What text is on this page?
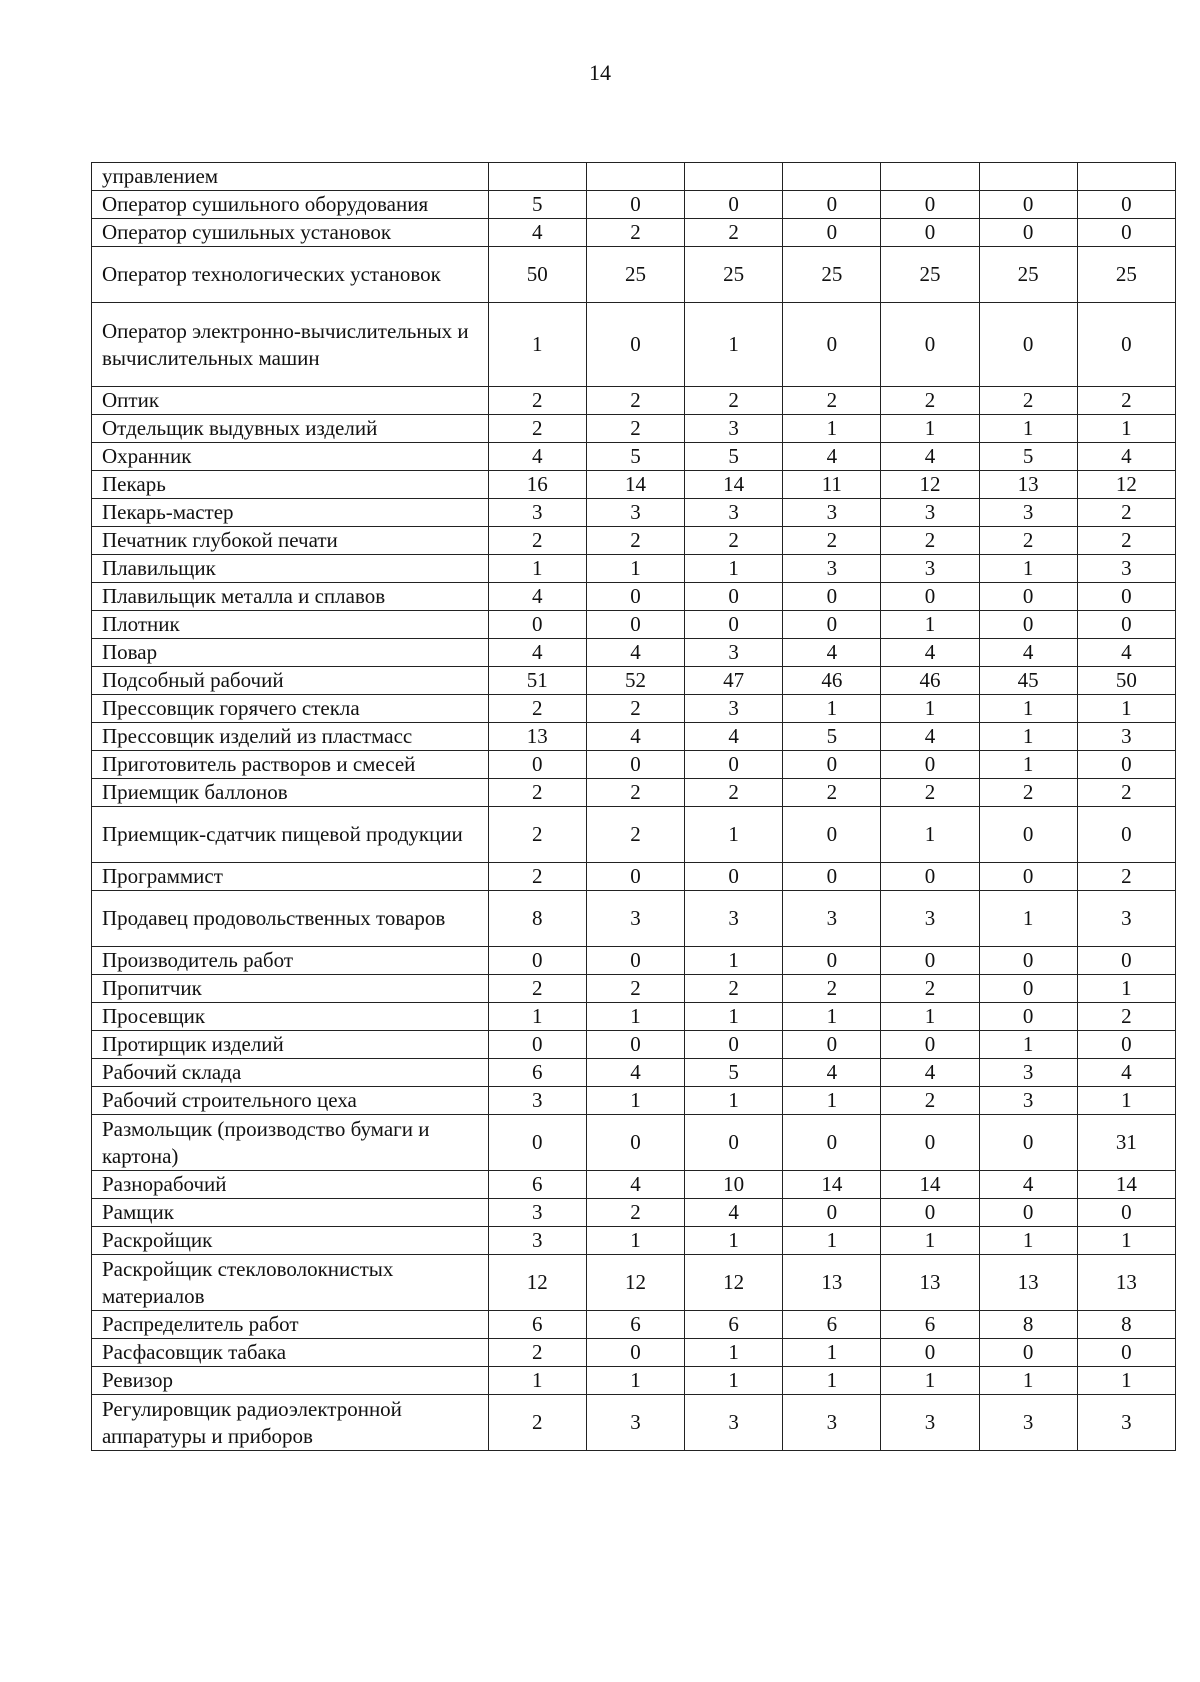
14
управлением							
Оператор сушильного оборудования	5	0	0	0	0	0	0
Оператор сушильных установок	4	2	2	0	0	0	0
Оператор технологических установок	50	25	25	25	25	25	25
Оператор электронно-вычислительных и вычислительных машин	1	0	1	0	0	0	0
Оптик	2	2	2	2	2	2	2
Отдельщик выдувных изделий	2	2	3	1	1	1	1
Охранник	4	5	5	4	4	5	4
Пекарь	16	14	14	11	12	13	12
Пекарь-мастер	3	3	3	3	3	3	2
Печатник глубокой печати	2	2	2	2	2	2	2
Плавильщик	1	1	1	3	3	1	3
Плавильщик металла и сплавов	4	0	0	0	0	0	0
Плотник	0	0	0	0	1	0	0
Повар	4	4	3	4	4	4	4
Подсобный рабочий	51	52	47	46	46	45	50
Прессовщик горячего стекла	2	2	3	1	1	1	1
Прессовщик изделий из пластмасс	13	4	4	5	4	1	3
Приготовитель растворов и смесей	0	0	0	0	0	1	0
Приемщик баллонов	2	2	2	2	2	2	2
Приемщик-сдатчик пищевой продукции	2	2	1	0	1	0	0
Программист	2	0	0	0	0	0	2
Продавец продовольственных товаров	8	3	3	3	3	1	3
Производитель работ	0	0	1	0	0	0	0
Пропитчик	2	2	2	2	2	0	1
Просевщик	1	1	1	1	1	0	2
Протирщик изделий	0	0	0	0	0	1	0
Рабочий склада	6	4	5	4	4	3	4
Рабочий строительного цеха	3	1	1	1	2	3	1
Размольщик (производство бумаги и картона)	0	0	0	0	0	0	31
Разнорабочий	6	4	10	14	14	4	14
Рамщик	3	2	4	0	0	0	0
Раскройщик	3	1	1	1	1	1	1
Раскройщик стекловолокнистых материалов	12	12	12	13	13	13	13
Распределитель работ	6	6	6	6	6	8	8
Расфасовщик табака	2	0	1	1	0	0	0
Ревизор	1	1	1	1	1	1	1
Регулировщик радиоэлектронной аппаратуры и приборов	2	3	3	3	3	3	3
